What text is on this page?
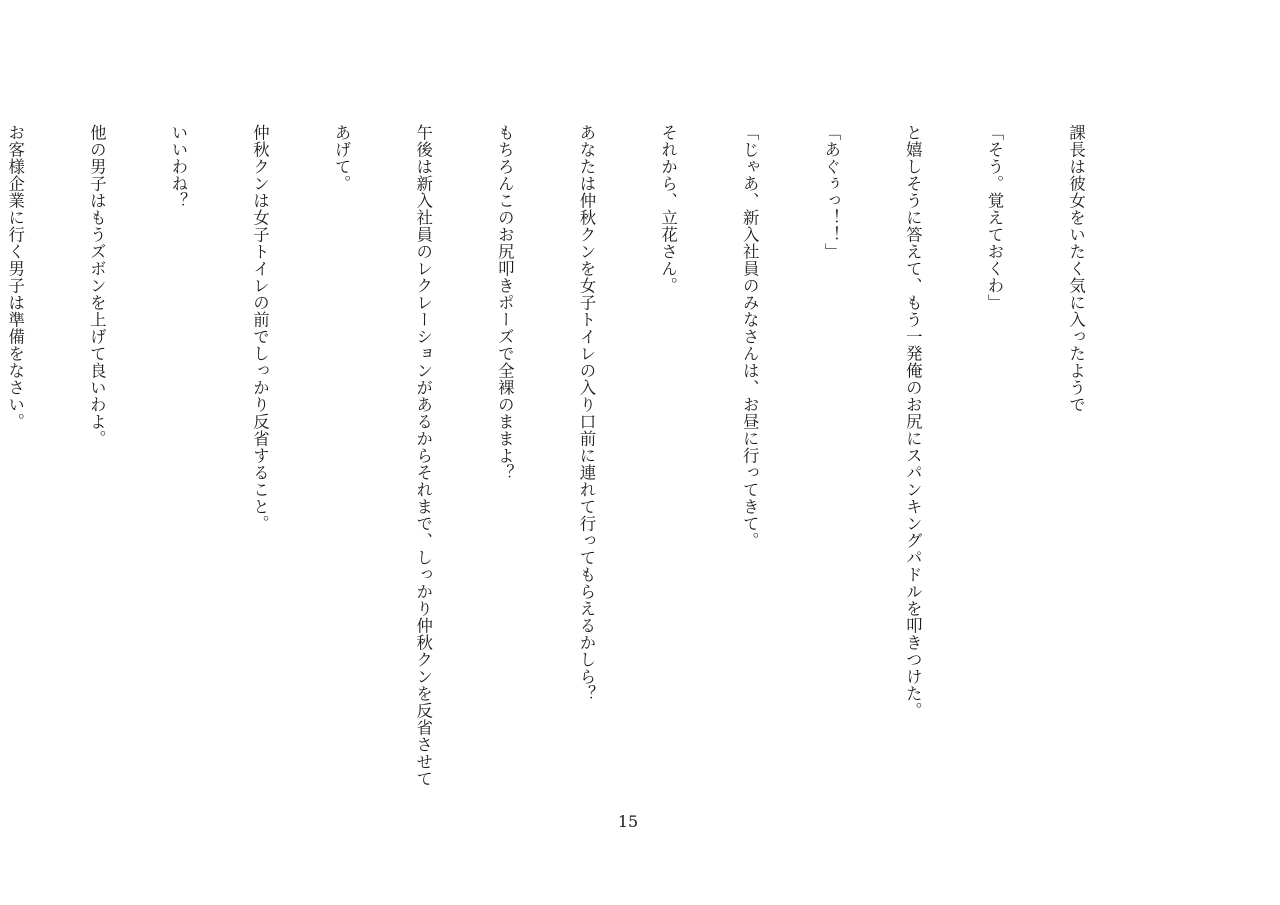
課長は彼女をいたく気に入ったようで

「そう。覚えておくわ」

と嬉しそうに答えて、もう一発俺のお尻にスパンキングパドルを叩きつけた。

「あぐぅっ！！」

「じゃあ、新入社員のみなさんは、お昼に行ってきて。

それから、立花さん。

あなたは仲秋クンを女子トイレの入り口前に連れて行ってもらえるかしら？

もちろんこのお尻叩きポーズで全裸のままよ？

午後は新入社員のレクレーションがあるからそれまで、しっかり仲秋クンを反省させて

あげて。

仲秋クンは女子トイレの前でしっかり反省すること。

いいわね？

他の男子はもうズボンを上げて良いわよ。

お客様企業に行く男子は準備をなさい。

15
